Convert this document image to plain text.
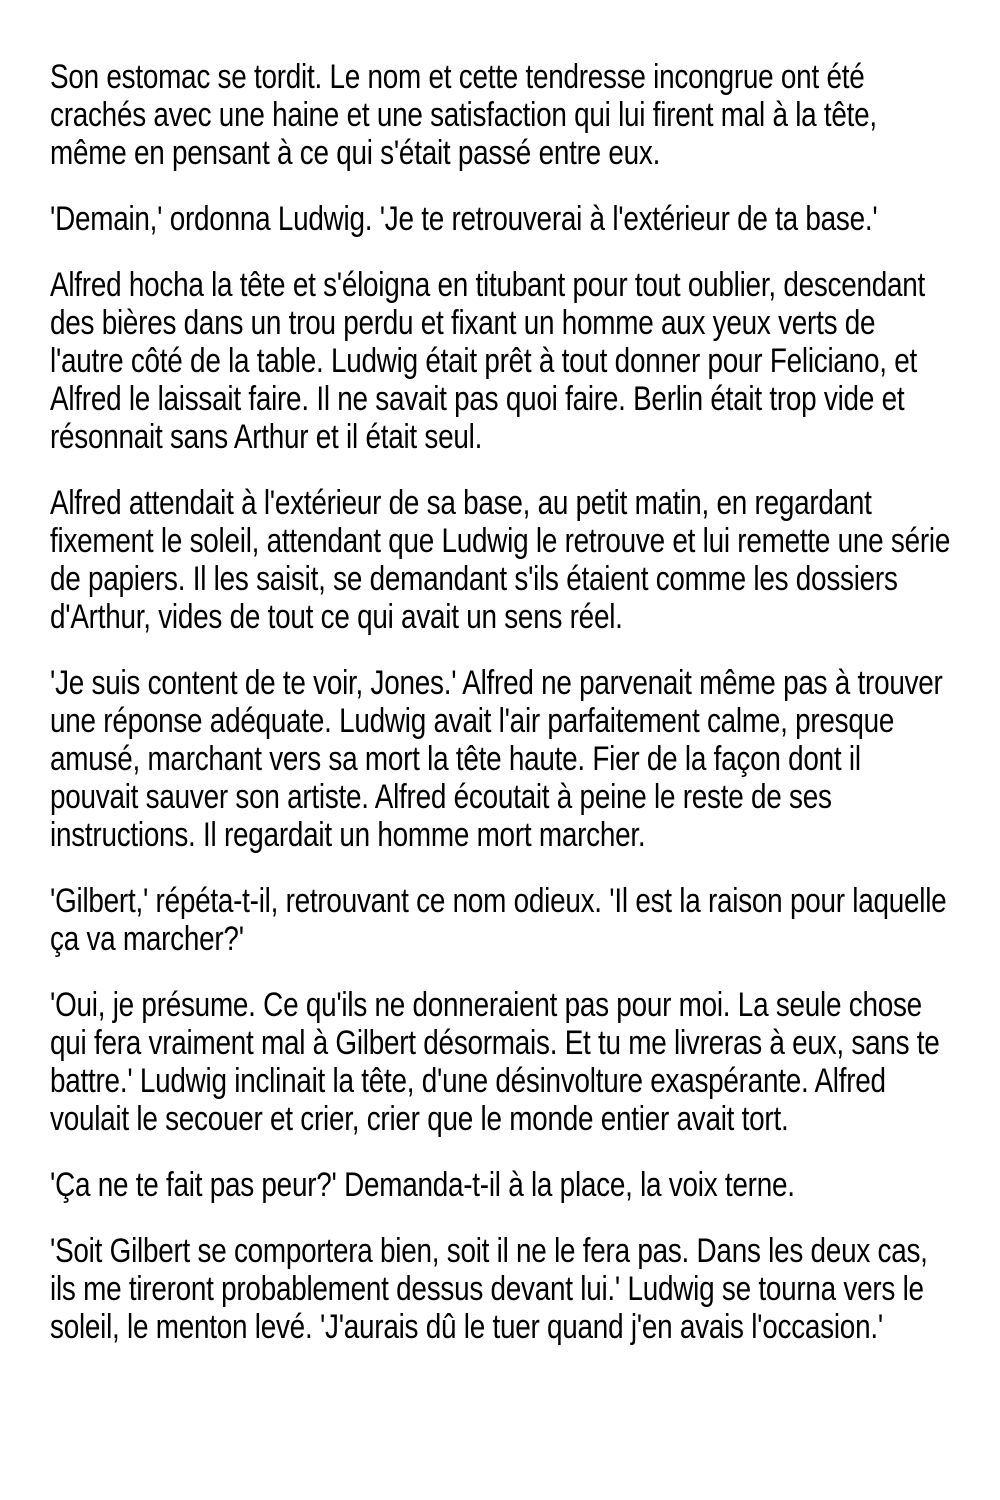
Son estomac se tordit. Le nom et cette tendresse incongrue ont été crachés avec une haine et une satisfaction qui lui firent mal à la tête, même en pensant à ce qui s'était passé entre eux.

'Demain,' ordonna Ludwig. 'Je te retrouverai à l'extérieur de ta base.'

Alfred hocha la tête et s'éloigna en titubant pour tout oublier, descendant des bières dans un trou perdu et fixant un homme aux yeux verts de l'autre côté de la table. Ludwig était prêt à tout donner pour Feliciano, et Alfred le laissait faire. Il ne savait pas quoi faire. Berlin était trop vide et résonnait sans Arthur et il était seul.

Alfred attendait à l'extérieur de sa base, au petit matin, en regardant fixement le soleil, attendant que Ludwig le retrouve et lui remette une série de papiers. Il les saisit, se demandant s'ils étaient comme les dossiers d'Arthur, vides de tout ce qui avait un sens réel.

'Je suis content de te voir, Jones.' Alfred ne parvenait même pas à trouver une réponse adéquate. Ludwig avait l'air parfaitement calme, presque amusé, marchant vers sa mort la tête haute. Fier de la façon dont il pouvait sauver son artiste. Alfred écoutait à peine le reste de ses instructions. Il regardait un homme mort marcher.

'Gilbert,' répéta-t-il, retrouvant ce nom odieux. 'Il est la raison pour laquelle ça va marcher?'

'Oui, je présume. Ce qu'ils ne donneraient pas pour moi. La seule chose qui fera vraiment mal à Gilbert désormais. Et tu me livreras à eux, sans te battre.' Ludwig inclinait la tête, d'une désinvolture exaspérante. Alfred voulait le secouer et crier, crier que le monde entier avait tort.

'Ça ne te fait pas peur?' Demanda-t-il à la place, la voix terne.

'Soit Gilbert se comportera bien, soit il ne le fera pas. Dans les deux cas, ils me tireront probablement dessus devant lui.' Ludwig se tourna vers le soleil, le menton levé. 'J'aurais dû le tuer quand j'en avais l'occasion.'
